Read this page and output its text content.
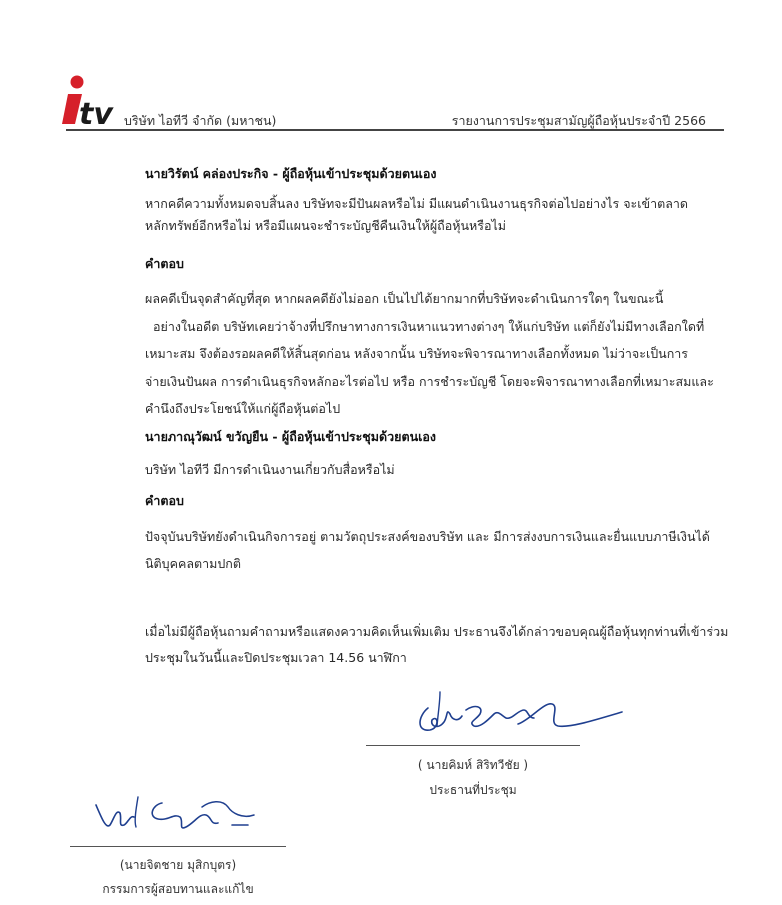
tv บริษัท ไอทีวี จำกัด (มหาชน)	รายงานการประชุมสามัญผู้ถือหุ้นประจำปี 2566
นายวิรัตน์ คล่องประกิจ - ผู้ถือหุ้นเข้าประชุมด้วยตนเอง
หากคดีความทั้งหมดจบสิ้นลง บริษัทจะมีปันผลหรือไม่ มีแผนดำเนินงานธุรกิจต่อไปอย่างไร จะเข้าตลาด
หลักทรัพย์อีกหรือไม่ หรือมีแผนจะชำระบัญชีคืนเงินให้ผู้ถือหุ้นหรือไม่
คำตอบ
ผลคดีเป็นจุดสำคัญที่สุด หากผลคดียังไม่ออก เป็นไปได้ยากมากที่บริษัทจะดำเนินการใดๆ ในขณะนี้
อย่างในอดีต บริษัทเคยว่าจ้างที่ปรึกษาทางการเงินหาแนวทางต่างๆ ให้แก่บริษัท แต่ก็ยังไม่มีทางเลือกใดที่
เหมาะสม จึงต้องรอผลคดีให้สิ้นสุดก่อน หลังจากนั้น บริษัทจะพิจารณาทางเลือกทั้งหมด ไม่ว่าจะเป็นการ
จ่ายเงินปันผล การดำเนินธุรกิจหลักอะไรต่อไป หรือ การชำระบัญชี โดยจะพิจารณาทางเลือกที่เหมาะสมและ
คำนึงถึงประโยชน์ให้แก่ผู้ถือหุ้นต่อไป
นายภาณุวัฒน์ ขวัญยืน - ผู้ถือหุ้นเข้าประชุมด้วยตนเอง
บริษัท ไอทีวี มีการดำเนินงานเกี่ยวกับสื่อหรือไม่
คำตอบ
ปัจจุบันบริษัทยังดำเนินกิจการอยู่ ตามวัตถุประสงค์ของบริษัท และ มีการส่งงบการเงินและยื่นแบบภาษีเงินได้
นิติบุคคลตามปกติ
เมื่อไม่มีผู้ถือหุ้นถามคำถามหรือแสดงความคิดเห็นเพิ่มเติม ประธานจึงได้กล่าวขอบคุณผู้ถือหุ้นทุกท่านที่เข้าร่วม
ประชุมในวันนี้และปิดประชุมเวลา 14.56 นาฬิกา
( นายคิมห์ สิริทวีชัย )
ประธานที่ประชุม
(นายจิตชาย มุสิกบุตร)
กรรมการผู้สอบทานและแก้ไข
